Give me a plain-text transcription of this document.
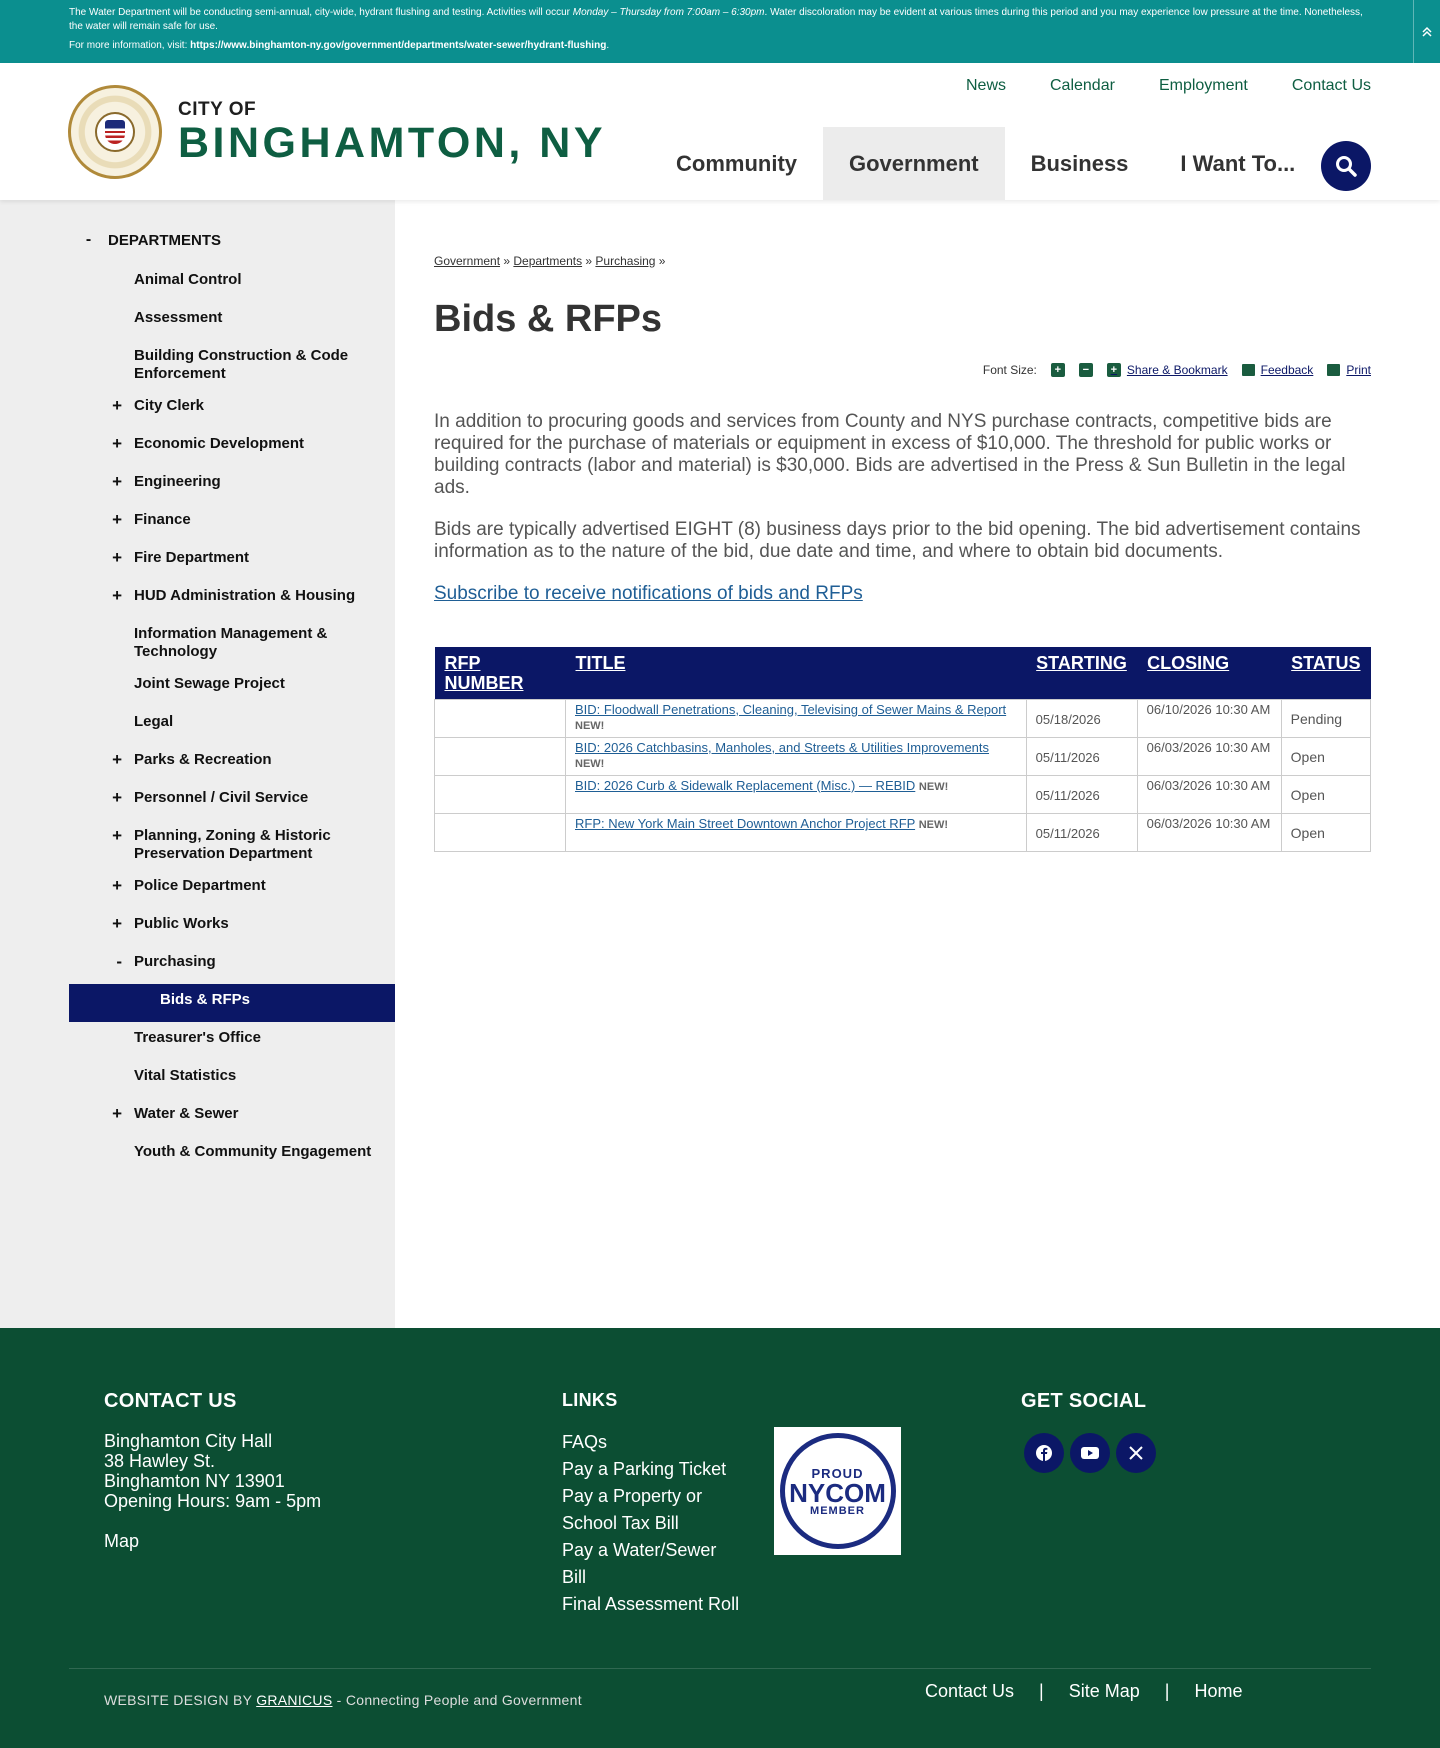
The Water Department will be conducting semi-annual, city-wide, hydrant flushing and testing. Activities will occur Monday – Thursday from 7:00am – 6:30pm. Water discoloration may be evident at various times during this period and you may experience low pressure at the time. Nonetheless, the water will remain safe for use.

For more information, visit: https://www.binghamton-ny.gov/government/departments/water-sewer/hydrant-flushing.

CITY OF
BINGHAMTON, NY
News	Calendar	Employment	Contact Us
Community	Government	Business	I Want To...
-	DEPARTMENTS
Animal Control
Assessment
Building Construction & Code Enforcement
+ City Clerk
+ Economic Development
+ Engineering
+ Finance
+ Fire Department
+ HUD Administration & Housing
Information Management & Technology
Joint Sewage Project
Legal
+ Parks & Recreation
+ Personnel / Civil Service
+ Planning, Zoning & Historic Preservation Department
+ Police Department
+ Public Works
- Purchasing
Bids & RFPs
Treasurer's Office
Vital Statistics
+ Water & Sewer
Youth & Community Engagement
Government » Departments » Purchasing »
Bids & RFPs
Font Size:	+	−	+ Share & Bookmark	Feedback	Print

In addition to procuring goods and services from County and NYS purchase contracts, competitive bids are required for the purchase of materials or equipment in excess of $10,000. The threshold for public works or building contracts (labor and material) is $30,000. Bids are advertised in the Press & Sun Bulletin in the legal ads.

Bids are typically advertised EIGHT (8) business days prior to the bid opening. The bid advertisement contains information as to the nature of the bid, due date and time, and where to obtain bid documents.

Subscribe to receive notifications of bids and RFPs
RFP NUMBER	TITLE	STARTING	CLOSING	STATUS
	BID: Floodwall Penetrations, Cleaning, Televising of Sewer Mains & Report NEW!	05/18/2026	06/10/2026 10:30 AM	Pending
	BID: 2026 Catchbasins, Manholes, and Streets & Utilities Improvements NEW!	05/11/2026	06/03/2026 10:30 AM	Open
	BID: 2026 Curb & Sidewalk Replacement (Misc.) — REBID NEW!	05/11/2026	06/03/2026 10:30 AM	Open
	RFP: New York Main Street Downtown Anchor Project RFP NEW!	05/11/2026	06/03/2026 10:30 AM	Open
CONTACT US
Binghamton City Hall
38 Hawley St.
Binghamton NY 13901
Opening Hours: 9am - 5pm
Map
LINKS
FAQs
Pay a Parking Ticket
Pay a Property or
School Tax Bill
Pay a Water/Sewer
Bill
Final Assessment Roll
PROUD
NYCOM
MEMBER
GET SOCIAL
WEBSITE DESIGN BY GRANICUS - Connecting People and Government	Contact Us | Site Map | Home
